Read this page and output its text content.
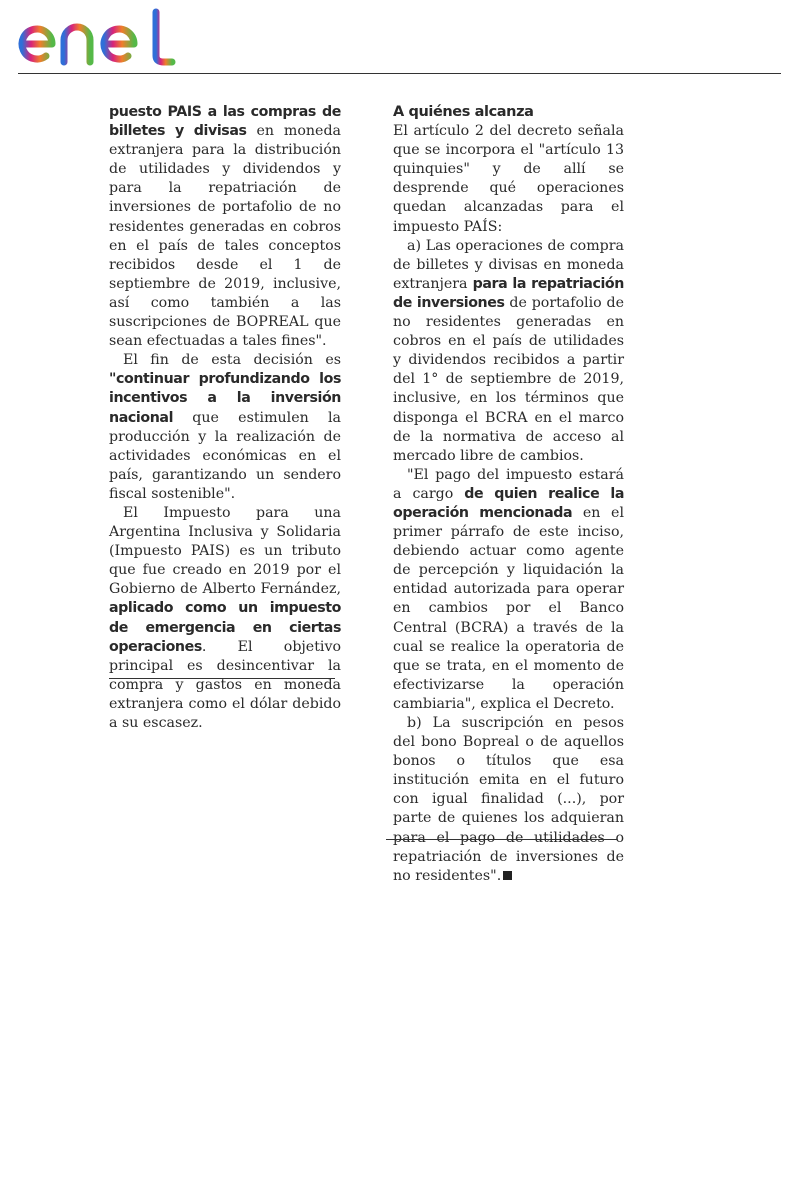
puesto PAIS a las compras de billetes y divisas en moneda extranjera para la distribución de utilidades y dividendos y para la repatriación de inversiones de portafolio de no residentes generadas en cobros en el país de tales conceptos recibidos desde el 1 de septiembre de 2019, inclusive, así como también a las suscripciones de BOPREAL que sean efectuadas a tales fines".

El fin de esta decisión es "continuar profundizando los incentivos a la inversión nacional que estimulen la producción y la realización de actividades económicas en el país, garantizando un sendero fiscal sostenible".

El Impuesto para una Argentina Inclusiva y Solidaria (Impuesto PAIS) es un tributo que fue creado en 2019 por el Gobierno de Alberto Fernández, aplicado como un impuesto de emergencia en ciertas operaciones. El objetivo principal es desincentivar la compra y gastos en moneda extranjera como el dólar debido a su escasez.

A quiénes alcanza

El artículo 2 del decreto señala que se incorpora el "artículo 13 quinquies" y de allí se desprende qué operaciones quedan alcanzadas para el impuesto PAÍS:

a) Las operaciones de compra de billetes y divisas en moneda extranjera para la repatriación de inversiones de portafolio de no residentes generadas en cobros en el país de utilidades y dividendos recibidos a partir del 1° de septiembre de 2019, inclusive, en los términos que disponga el BCRA en el marco de la normativa de acceso al mercado libre de cambios.

"El pago del impuesto estará a cargo de quien realice la operación mencionada en el primer párrafo de este inciso, debiendo actuar como agente de percepción y liquidación la entidad autorizada para operar en cambios por el Banco Central (BCRA) a través de la cual se realice la operatoria de que se trata, en el momento de efectivizarse la operación cambiaria", explica el Decreto.

b) La suscripción en pesos del bono Bopreal o de aquellos bonos o títulos que esa institución emita en el futuro con igual finalidad (...), por parte de quienes los adquieran para el pago de utilidades o repatriación de inversiones de no residentes".
